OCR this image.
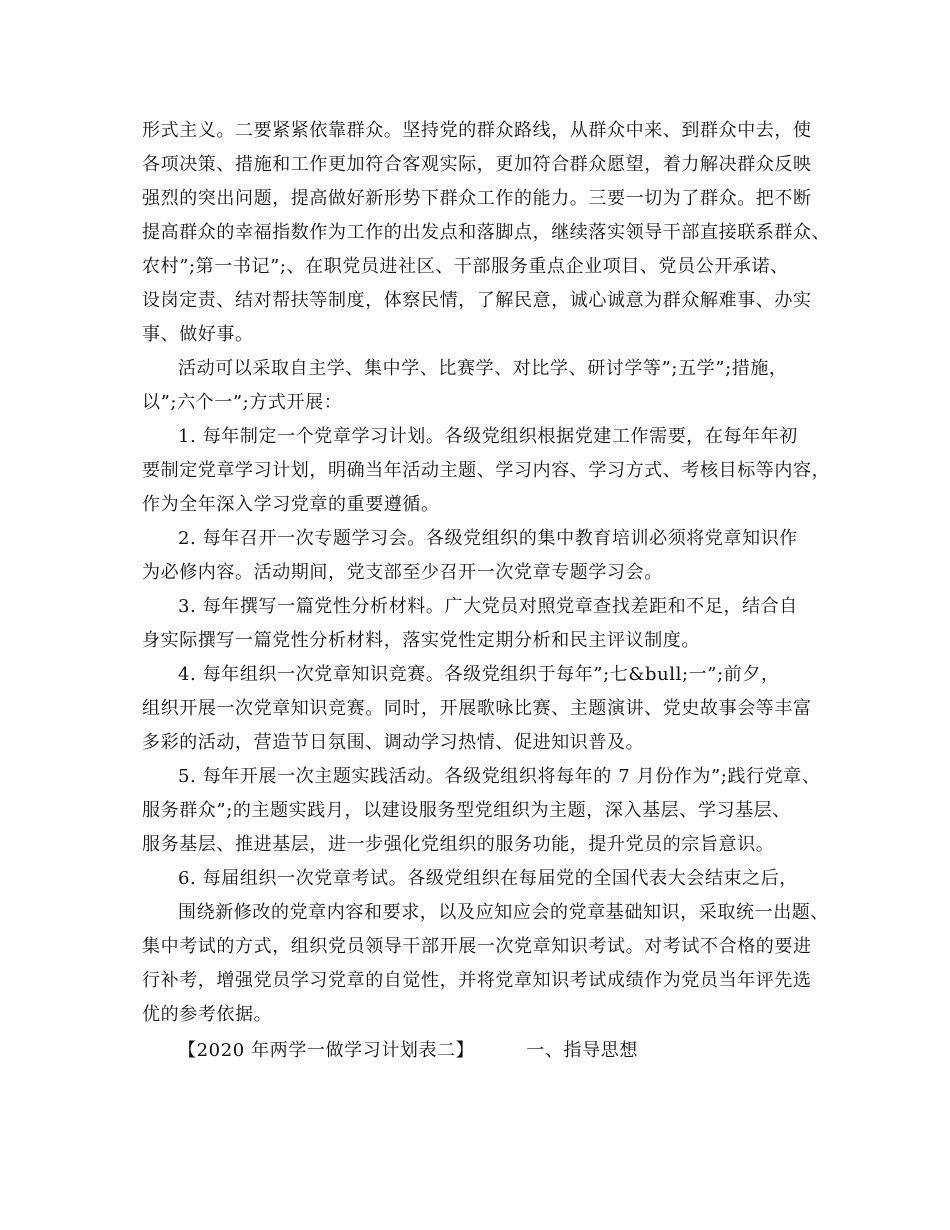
形式主义。二要紧紧依靠群众。坚持党的群众路线，从群众中来、到群众中去，使
各项决策、措施和工作更加符合客观实际，更加符合群众愿望，着力解决群众反映
强烈的突出问题，提高做好新形势下群众工作的能力。三要一切为了群众。把不断
提高群众的幸福指数作为工作的出发点和落脚点，继续落实领导干部直接联系群众、
农村”;第一书记”;、在职党员进社区、干部服务重点企业项目、党员公开承诺、
设岗定责、结对帮扶等制度，体察民情，了解民意，诚心诚意为群众解难事、办实
事、做好事。
活动可以采取自主学、集中学、比赛学、对比学、研讨学等”;五学”;措施，
以”;六个一”;方式开展：
1. 每年制定一个党章学习计划。各级党组织根据党建工作需要，在每年年初
要制定党章学习计划，明确当年活动主题、学习内容、学习方式、考核目标等内容，
作为全年深入学习党章的重要遵循。
2. 每年召开一次专题学习会。各级党组织的集中教育培训必须将党章知识作
为必修内容。活动期间，党支部至少召开一次党章专题学习会。
3. 每年撰写一篇党性分析材料。广大党员对照党章查找差距和不足，结合自
身实际撰写一篇党性分析材料，落实党性定期分析和民主评议制度。
4. 每年组织一次党章知识竞赛。各级党组织于每年”;七&bull;一”;前夕，
组织开展一次党章知识竞赛。同时，开展歌咏比赛、主题演讲、党史故事会等丰富
多彩的活动，营造节日氛围、调动学习热情、促进知识普及。
5. 每年开展一次主题实践活动。各级党组织将每年的 7 月份作为”;践行党章、
服务群众”;的主题实践月，以建设服务型党组织为主题，深入基层、学习基层、
服务基层、推进基层，进一步强化党组织的服务功能，提升党员的宗旨意识。
6. 每届组织一次党章考试。各级党组织在每届党的全国代表大会结束之后，
围绕新修改的党章内容和要求，以及应知应会的党章基础知识，采取统一出题、
集中考试的方式，组织党员领导干部开展一次党章知识考试。对考试不合格的要进
行补考，增强党员学习党章的自觉性，并将党章知识考试成绩作为党员当年评先选
优的参考依据。
【2020 年两学一做学习计划表二】	一、指导思想
